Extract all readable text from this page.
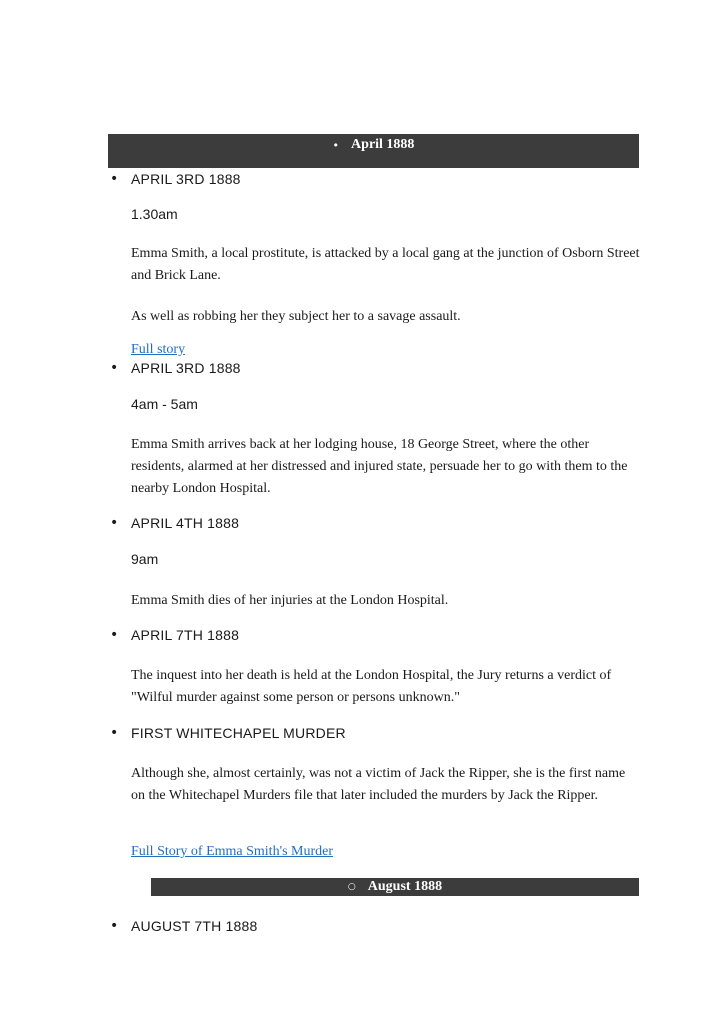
• April 1888
• APRIL 3RD 1888
1.30am

Emma Smith, a local prostitute, is attacked by a local gang at the junction of Osborn Street and Brick Lane.

As well as robbing her they subject her to a savage assault.

Full story
• APRIL 3RD 1888
4am - 5am

Emma Smith arrives back at her lodging house, 18 George Street, where the other residents, alarmed at her distressed and injured state, persuade her to go with them to the nearby London Hospital.

• APRIL 4TH 1888
9am

Emma Smith dies of her injuries at the London Hospital.

• APRIL 7TH 1888

The inquest into her death is held at the London Hospital, the Jury returns a verdict of "Wilful murder against some person or persons unknown."

• FIRST WHITECHAPEL MURDER

Although she, almost certainly, was not a victim of Jack the Ripper, she is the first name on the Whitechapel Murders file that later included the murders by Jack the Ripper.

Full Story of Emma Smith's Murder
○ August 1888
• AUGUST 7TH 1888
